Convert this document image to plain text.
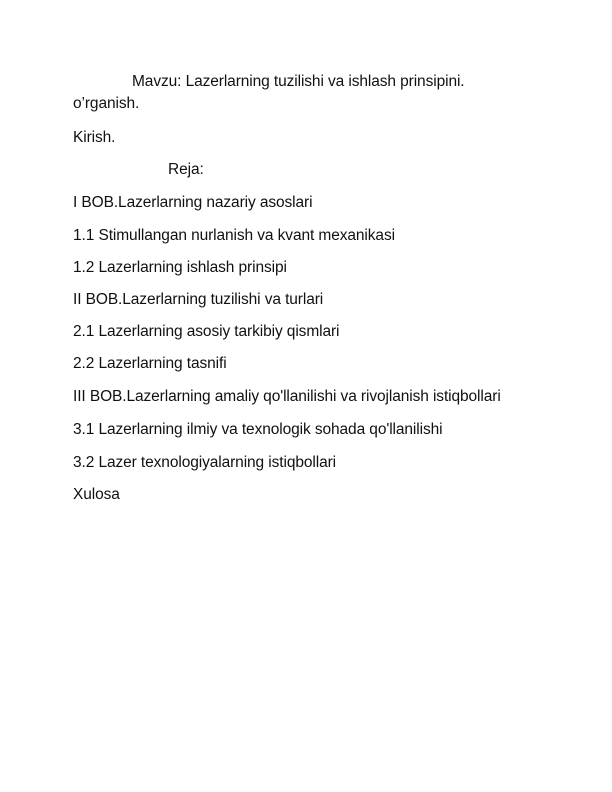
Mavzu: Lazerlarning tuzilishi va ishlash prinsipini.
o’rganish.
Kirish.
Reja:
I BOB.Lazerlarning nazariy asoslari
1.1 Stimullangan nurlanish va kvant mexanikasi
1.2 Lazerlarning ishlash prinsipi
II BOB.Lazerlarning tuzilishi va turlari
2.1 Lazerlarning asosiy tarkibiy qismlari
2.2 Lazerlarning tasnifi
III BOB.Lazerlarning amaliy qo'llanilishi va rivojlanish istiqbollari
3.1 Lazerlarning ilmiy va texnologik sohada qo'llanilishi
3.2 Lazer texnologiyalarning istiqbollari
Xulosa
